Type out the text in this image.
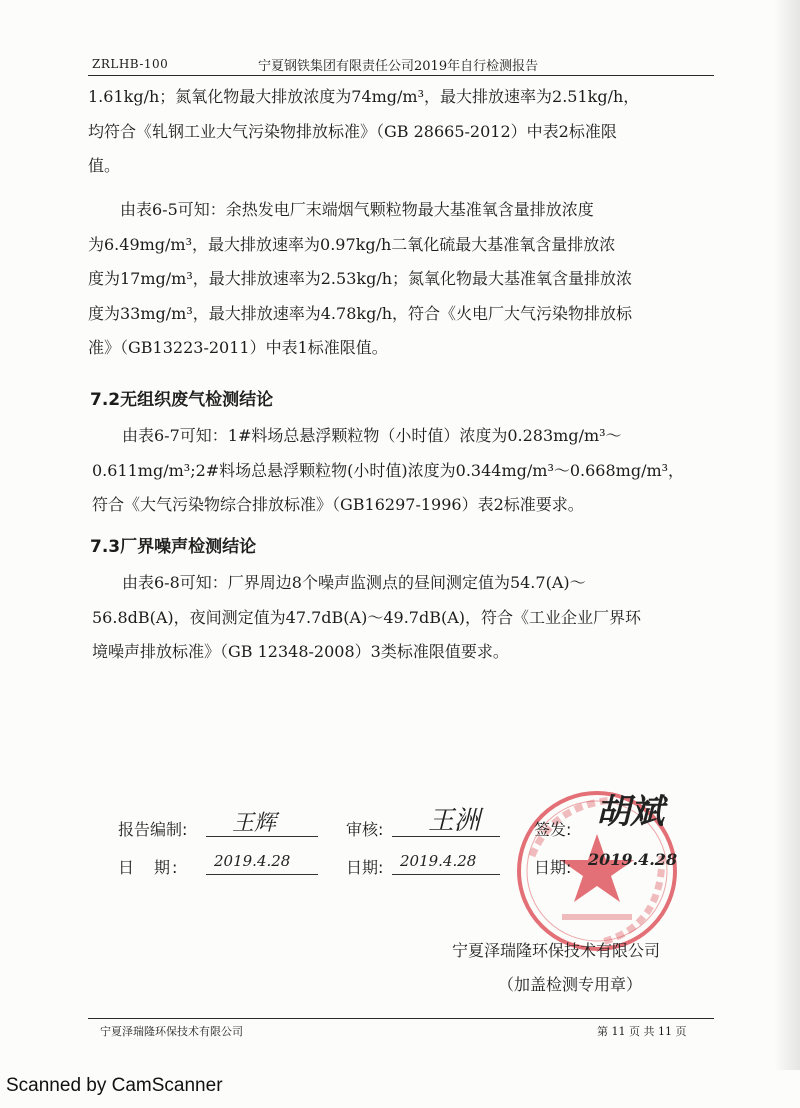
ZRLHB-100	宁夏钢铁集团有限责任公司2019年自行检测报告
1.61kg/h；氮氧化物最大排放浓度为74mg/m³，最大排放速率为2.51kg/h，
均符合《轧钢工业大气污染物排放标准》（GB 28665-2012）中表2标准限
值。
由表6-5可知：余热发电厂末端烟气颗粒物最大基准氧含量排放浓度
为6.49mg/m³，最大排放速率为0.97kg/h二氧化硫最大基准氧含量排放浓
度为17mg/m³，最大排放速率为2.53kg/h；氮氧化物最大基准氧含量排放浓
度为33mg/m³，最大排放速率为4.78kg/h，符合《火电厂大气污染物排放标
准》（GB13223-2011）中表1标准限值。
7.2无组织废气检测结论
由表6-7可知：1#料场总悬浮颗粒物（小时值）浓度为0.283mg/m³～
0.611mg/m³;2#料场总悬浮颗粒物(小时值)浓度为0.344mg/m³～0.668mg/m³，
符合《大气污染物综合排放标准》（GB16297-1996）表2标准要求。
7.3厂界噪声检测结论
由表6-8可知：厂界周边8个噪声监测点的昼间测定值为54.7(A)～
56.8dB(A)，夜间测定值为47.7dB(A)～49.7dB(A)，符合《工业企业厂界环
境噪声排放标准》（GB 12348-2008）3类标准限值要求。
报告编制: 王辉	审核: 王洲	签发: 胡斌
日　期: 2019.4.28	日期: 2019.4.28	日期: 2019.4.28
宁夏泽瑞隆环保技术有限公司
（加盖检测专用章）
宁夏泽瑞隆环保技术有限公司	第 11 页 共 11 页
Scanned by CamScanner
